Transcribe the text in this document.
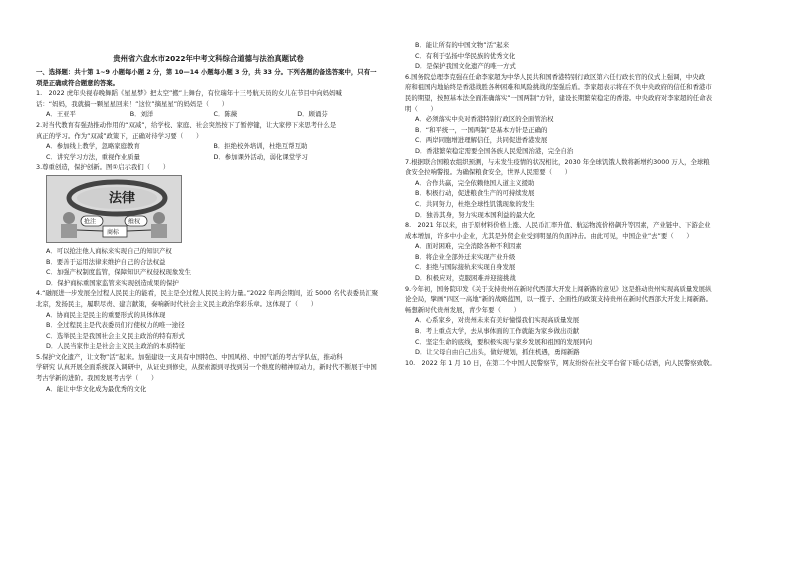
贵州省六盘水市2022年中考文科综合道德与法治真题试卷

一、选择题：共十第 1~9 小题每小题 2 分，第 10—14 小题每小题 3 分，共 33 分。下列各题的备选答案中，只有一项是正确或符合题意的答案。

1.　2022 虎年央视春晚舞蹈《星星梦》把太空”搬”上舞台，有位瑞年十三号航天员的女儿在节目中向妈妈喊

话：“妈妈，我就搞一颗星星回来！”这位”摘星星”的妈妈是（　　）

A．王亚平	B．刘洋	C．陈薇	D．顾诵芬

2.对当代教育有强劲推动作用的“双减”，给学校、家庭、社会突然按下了暂停键，让大家停下来思考什么是

真正的学习。作为”双减”政策下，正确对待学习要（　　）

A．参加线上教学，忽略家庭教育	B．拒绝校外培训，杜绝互帮互助
C．讲究学习方法，重视作业质量	D．参加课外活动，弱化课堂学习

3.尊重创造，保护创新。图①启示我们（　　）

法律
抢注	维权
商标

A．可以抢注他人商标来实现自己的知识产权

B．要善于运用法律来维护自己的合法权益

C．加强产权制度监管，保障知识产权侵权现象发生

D．保护商标重国家监管来实现创造成果的保护

4.“融展进一步发展全过程人民民主的能看，民主是全过程人民民主的力量。”2022 年两会期间，近 5000 名代表委员汇聚

北京，发扬民主，履职尽责、建言献策，奏响新时代社会主义民主政治华彩乐章。这体现了（　　）

A．协商民主是民主的重要形式的具体体现

B．全过程民主是代表委员们行使权力的唯一途径

C．选举民主是我国社会主义民主政治的特有形式

D．人民当家作主是社会主义民主政治的本质特征

5.保护文化遗产，让文物”活”起来。加强建设一支具有中国特色、中国风格、中国气派的考古学队伍，推动科

学研究 认真开展全面系统深入调研中，从证史到修史，从探索源到寻找到另一个维度的精神原动力，新时代不断展于中国考古学新的进阶。我国发展考古学（　　）

A．能让中华文化成为最优秀的文化

B．能让所有的中国文物”活”起来

C．有利于弘扬中华民族的优秀文化

D．是保护我国文化遗产的唯一方式

6.国务院总理李克强在任命李家超为中华人民共和国香港特别行政区第六任行政长官的仪式上强调，中央政

府和祖国内地始终是香港战胜各种困难和风险挑战的坚强后盾。李家超表示将在不负中央政府的信任和香港市

民的期望，按照基本法全面准确落实”一国两制”方针，建设长期繁荣稳定的香港。中央政府对李家超的任命表

明（　　）

A．必须落实中央对香港特别行政区的全面管治权

B．“和平统一，一国两制”是基本方针是正确的

C．两岸同胞增进理解信任，共同促进香港发展

D．香港繁荣稳定需要全国各族人民爱国治港，完全自治

7.根据联合国粮农组织预测，与未发生疫情的状况相比，2030 年全球饥饿人数将新增约3000 万人，全球粮

食安全拉响警报。为确保粮食安全，世界人民需要（　　）

A．合作共赢，完全依赖他国人道主义援助

B．积极行动，促进粮食生产的可持续发展

C．共同努力，杜绝全球性饥饿现象的发生

D．独善其身，努力实现本国利益的最大化

8.　2021 年以来，由于原材料价格上涨、人民币汇率升值、航运物流价格飙升等因素，产业链中、下游企业

成本增加，许多中小企业，尤其是外贸企业受到明显的负面冲击。由此可见，中国企业”去”要（　　）

A．面对困难，完全消除各种不利因素

B．将企业全部外迁来实现产业升级

C．拒绝与国际接轨来实现自身发展

D．积极应对，克服困难并迎接挑战

9.今年初，国务院印发《关于支持贵州在新时代西部大开发上闯新路的意见》这是推动贵州实现高质量发展纵

论全局，擘画”四区一高地”新的战略蓝图，以一揽子、全面性的政策支持贵州在新时代西部大开发上闯新路。

畅想新时代贵州发展，青少年要（　　）

A．心系家乡，对贵州未来有美好憧憬我们实现高质量发展

B．考上重点大学，去从事体面的工作就能为家乡做出贡献

C．坚定生命的底线，要积极实现与家乡发展和祖国的发展同向

D．让父母自由自己出头，做好规划，抓住机遇，勇闯新路

10.　2022 年 1 月 10 日，在第二个中国人民警察节，网友纷纷在社交平台留下暖心话语，向人民警察致敬。
